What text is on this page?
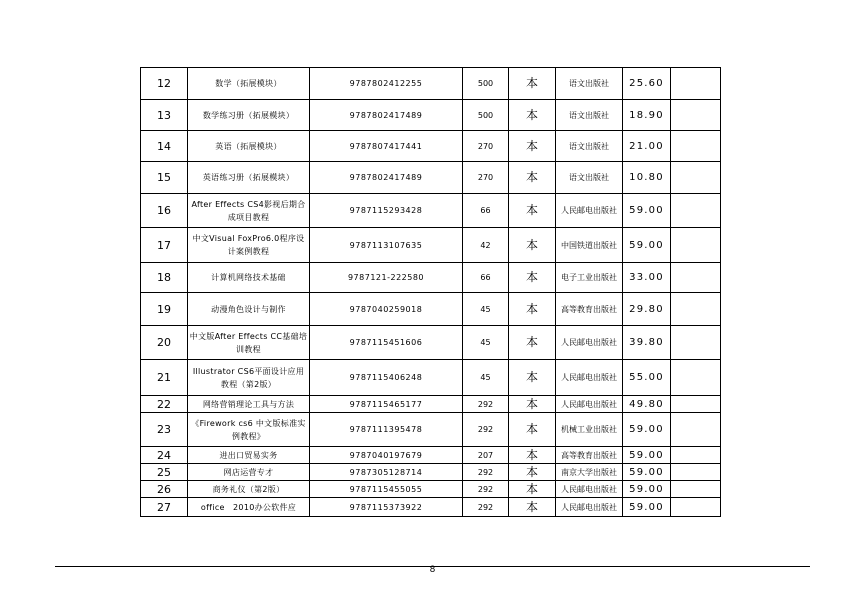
12	数学（拓展模块）	9787802412255	500	本	语文出版社	25.60	
13	数学练习册（拓展模块）	9787802417489	500	本	语文出版社	18.90	
14	英语（拓展模块）	9787807417441	270	本	语文出版社	21.00	
15	英语练习册（拓展模块）	9787802417489	270	本	语文出版社	10.80	
16	After Effects CS4影视后期合成项目教程	9787115293428	66	本	人民邮电出版社	59.00	
17	中文Visual FoxPro6.0程序设计案例教程	9787113107635	42	本	中国铁道出版社	59.00	
18	计算机网络技术基础	9787121-222580	66	本	电子工业出版社	33.00	
19	动漫角色设计与制作	9787040259018	45	本	高等教育出版社	29.80	
20	中文版After Effects CC基础培训教程	9787115451606	45	本	人民邮电出版社	39.80	
21	Illustrator CS6平面设计应用教程（第2版）	9787115406248	45	本	人民邮电出版社	55.00	
22	网络营销理论工具与方法	9787115465177	292	本	人民邮电出版社	49.80	
23	《Firework cs6 中文版标准实例教程》	9787111395478	292	本	机械工业出版社	59.00	
24	进出口贸易实务	9787040197679	207	本	高等教育出版社	59.00	
25	网店运营专才	9787305128714	292	本	南京大学出版社	59.00	
26	商务礼仪（第2版）	9787115455055	292	本	人民邮电出版社	59.00	
27	office　2010办公软件应	9787115373922	292	本	人民邮电出版社	59.00	
8
